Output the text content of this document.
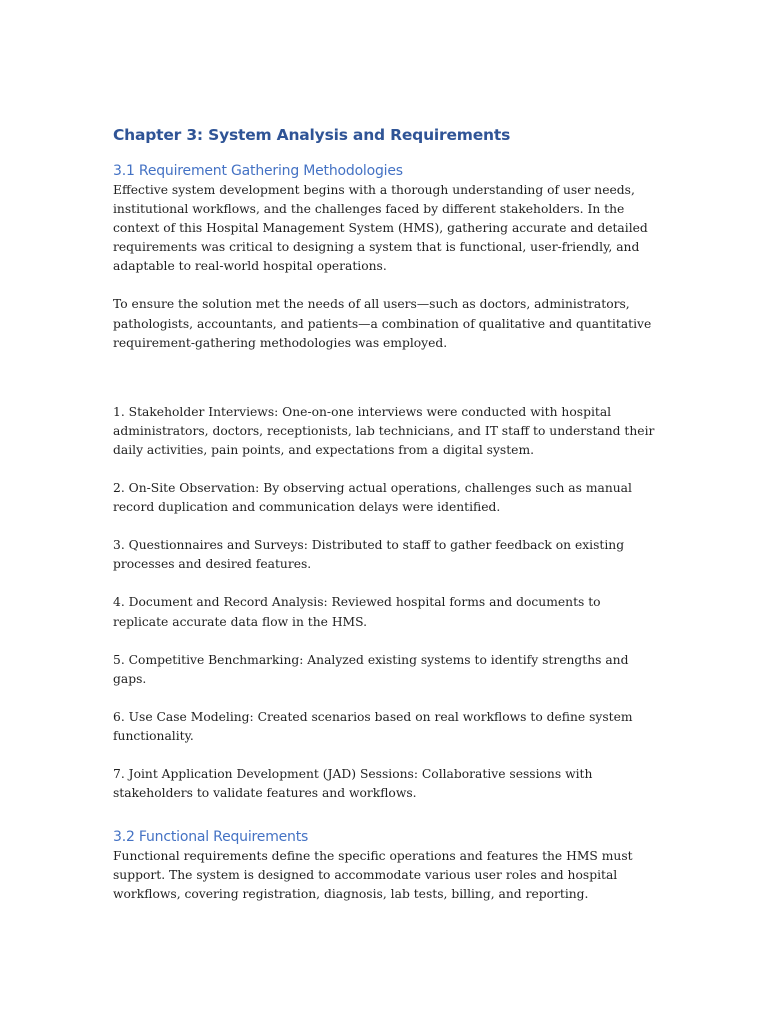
Chapter 3: System Analysis and Requirements
3.1 Requirement Gathering Methodologies

Effective system development begins with a thorough understanding of user needs, institutional workflows, and the challenges faced by different stakeholders. In the context of this Hospital Management System (HMS), gathering accurate and detailed requirements was critical to designing a system that is functional, user-friendly, and adaptable to real-world hospital operations.

To ensure the solution met the needs of all users—such as doctors, administrators, pathologists, accountants, and patients—a combination of qualitative and quantitative requirement-gathering methodologies was employed.

1. Stakeholder Interviews: One-on-one interviews were conducted with hospital administrators, doctors, receptionists, lab technicians, and IT staff to understand their daily activities, pain points, and expectations from a digital system.

2. On-Site Observation: By observing actual operations, challenges such as manual record duplication and communication delays were identified.

3. Questionnaires and Surveys: Distributed to staff to gather feedback on existing processes and desired features.

4. Document and Record Analysis: Reviewed hospital forms and documents to replicate accurate data flow in the HMS.

5. Competitive Benchmarking: Analyzed existing systems to identify strengths and gaps.

6. Use Case Modeling: Created scenarios based on real workflows to define system functionality.

7. Joint Application Development (JAD) Sessions: Collaborative sessions with stakeholders to validate features and workflows.

3.2 Functional Requirements

Functional requirements define the specific operations and features the HMS must support. The system is designed to accommodate various user roles and hospital workflows, covering registration, diagnosis, lab tests, billing, and reporting.
